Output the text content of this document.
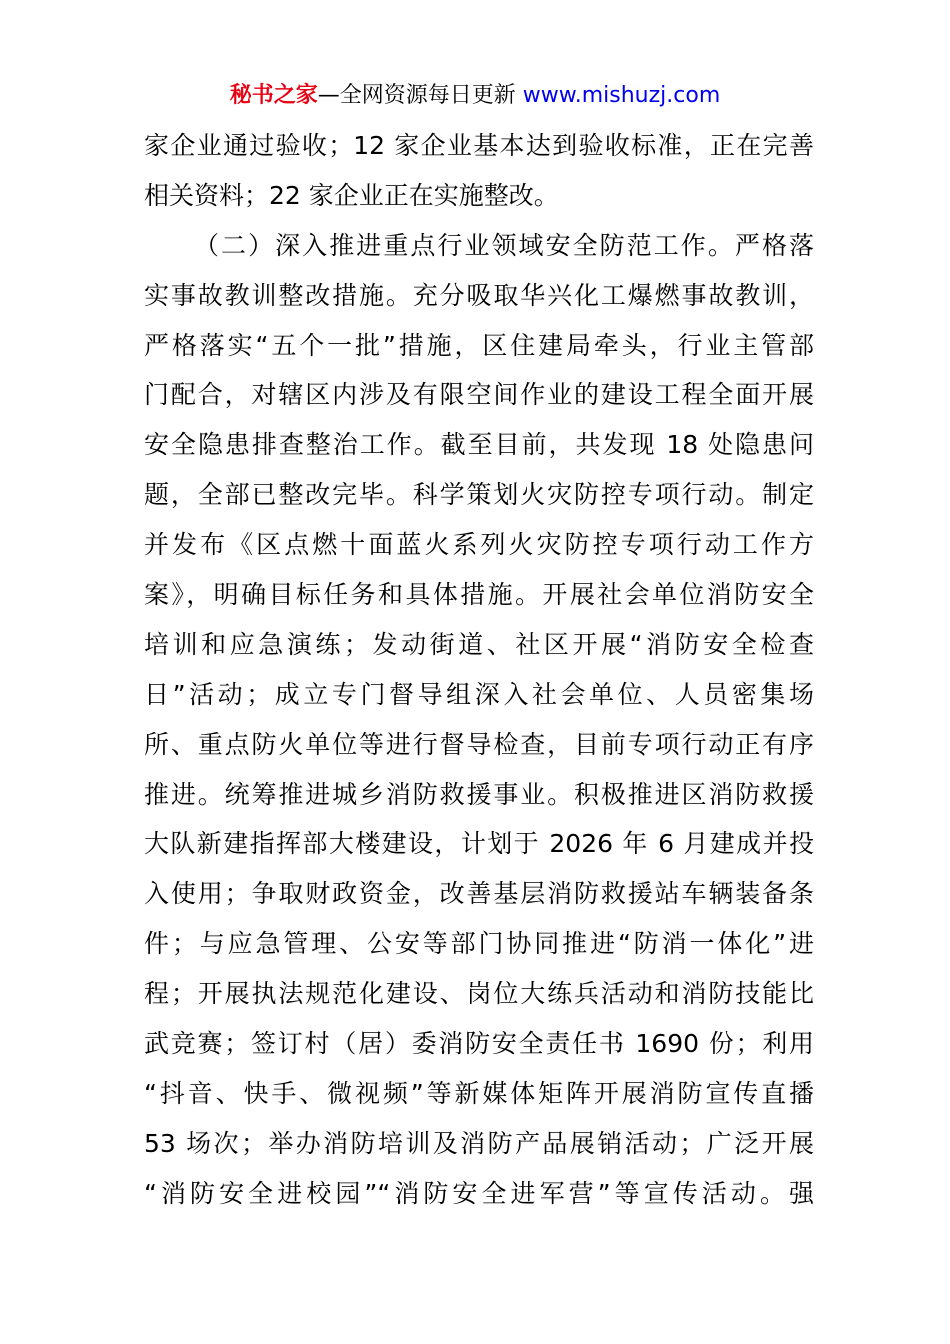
秘书之家—全网资源每日更新 www.mishuzj.com
家企业通过验收；12 家企业基本达到验收标准，正在完善
相关资料；22 家企业正在实施整改。
（二）深入推进重点行业领域安全防范工作。严格落
实事故教训整改措施。充分吸取华兴化工爆燃事故教训，
严格落实“五个一批”措施，区住建局牵头，行业主管部
门配合，对辖区内涉及有限空间作业的建设工程全面开展
安全隐患排查整治工作。截至目前，共发现 18 处隐患问
题，全部已整改完毕。科学策划火灾防控专项行动。制定
并发布《区点燃十面蓝火系列火灾防控专项行动工作方
案》，明确目标任务和具体措施。开展社会单位消防安全
培训和应急演练；发动街道、社区开展“消防安全检查
日”活动；成立专门督导组深入社会单位、人员密集场
所、重点防火单位等进行督导检查，目前专项行动正有序
推进。统筹推进城乡消防救援事业。积极推进区消防救援
大队新建指挥部大楼建设，计划于 2026 年 6 月建成并投
入使用；争取财政资金，改善基层消防救援站车辆装备条
件；与应急管理、公安等部门协同推进“防消一体化”进
程；开展执法规范化建设、岗位大练兵活动和消防技能比
武竞赛；签订村（居）委消防安全责任书 1690 份；利用
“抖音、快手、微视频”等新媒体矩阵开展消防宣传直播
53 场次；举办消防培训及消防产品展销活动；广泛开展
“消防安全进校园”“消防安全进军营”等宣传活动。强
